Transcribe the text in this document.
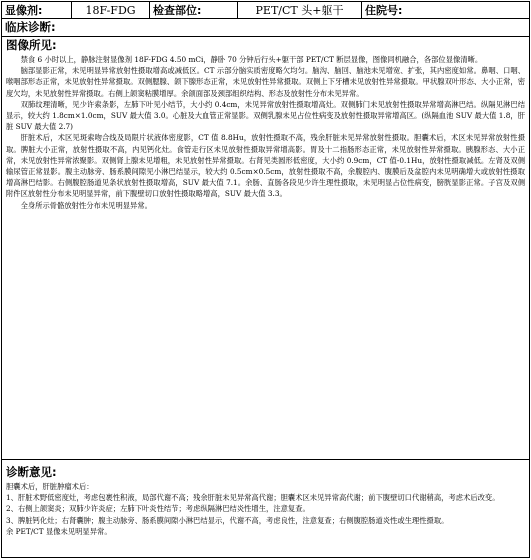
显像剂:	18F-FDG	检查部位:	PET/CT 头+躯干	住院号:
临床诊断:
图像所见:

禁食 6 小时以上，静脉注射显像剂 18F-FDG 4.50 mCi，静卧 70 分钟后行头+躯干部 PET/CT 断层显像，图像同机融合，各部位显像清晰。

脑部显影正常，未见明显异常放射性摄取增高或减低区。CT 示部分脑实质密度略欠均匀。脑沟、脑回、脑池未见增宽、扩张，其内密度如常。鼻咽、口咽、喉咽部形态正常，未见放射性异常摄取。双侧腮腺、颌下腺形态正常，未见放射性异常摄取。双侧上下牙槽未见放射性异常摄取。甲状腺双叶形态、大小正常，密度欠均，未见放射性异常摄取。右侧上颌窦粘膜增厚。余颌面部及颈部组织结构、形态及放射性分布未见异常。

双肺纹理清晰，见少许索条影，左肺下叶见小结节，大小约 0.4cm，未见异常放射性摄取增高灶。双侧肺门未见放射性摄取异常增高淋巴结。纵隔见淋巴结显示，较大约 1.8cm×1.0cm，SUV 最大值 3.0。心脏及大血管正常显影。双侧乳腺未见占位性病变及放射性摄取异常增高区。(纵隔血池 SUV 最大值 1.8，肝脏 SUV 最大值 2.7)

肝脏术后，术区见斑索吻合线及局限片状液体密度影，CT 值 8.8Hu，放射性摄取不高，残余肝脏未见异常放射性摄取。胆囊术后，术区未见异常放射性摄取。脾脏大小正常，放射性摄取不高，内见钙化灶。食管走行区未见放射性摄取异常增高影。胃及十二指肠形态正常，未见放射性异常摄取。胰腺形态、大小正常，未见放射性异常浓聚影。双侧肾上腺未见增粗，未见放射性异常摄取。右肾见类圆形低密度，大小约 0.9cm，CT 值-0.1Hu，放射性摄取减低。左肾及双侧输尿管正常显影。腹主动脉旁、肠系膜间隙见小淋巴结显示，较大约 0.5cm×0.5cm，放射性摄取不高，余腹腔内、腹膜后及盆腔内未见明确增大或放射性摄取增高淋巴结影。右侧腹腔肠道见条状放射性摄取增高，SUV 最大值 7.1。余肠、直肠各段见少许生理性摄取，未见明显占位性病变，膀胱显影正常。子宫及双侧附件区放射性分布未见明显异常，前下腹壁切口放射性摄取略增高，SUV 最大值 3.3。

全身所示骨骼放射性分布未见明显异常。

诊断意见:

胆囊术后，肝脏肿瘤术后：

1、肝脏术野低密度灶，考虑包裹性积液，局部代谢不高；残余肝脏未见异常高代谢；胆囊术区未见异常高代谢；前下腹壁切口代谢稍高，考虑术后改变。

2、右侧上颌窦炎；双肺少许炎症；左肺下叶炎性结节；考虑纵隔淋巴结炎性增生，注意复查。

3、脾脏钙化灶；右肾囊肿；腹主动脉旁、肠系膜间隙小淋巴结显示，代谢不高，考虑良性，注意复查；右侧腹腔肠道炎性或生理性摄取。

余 PET/CT 显像未见明显异常。
